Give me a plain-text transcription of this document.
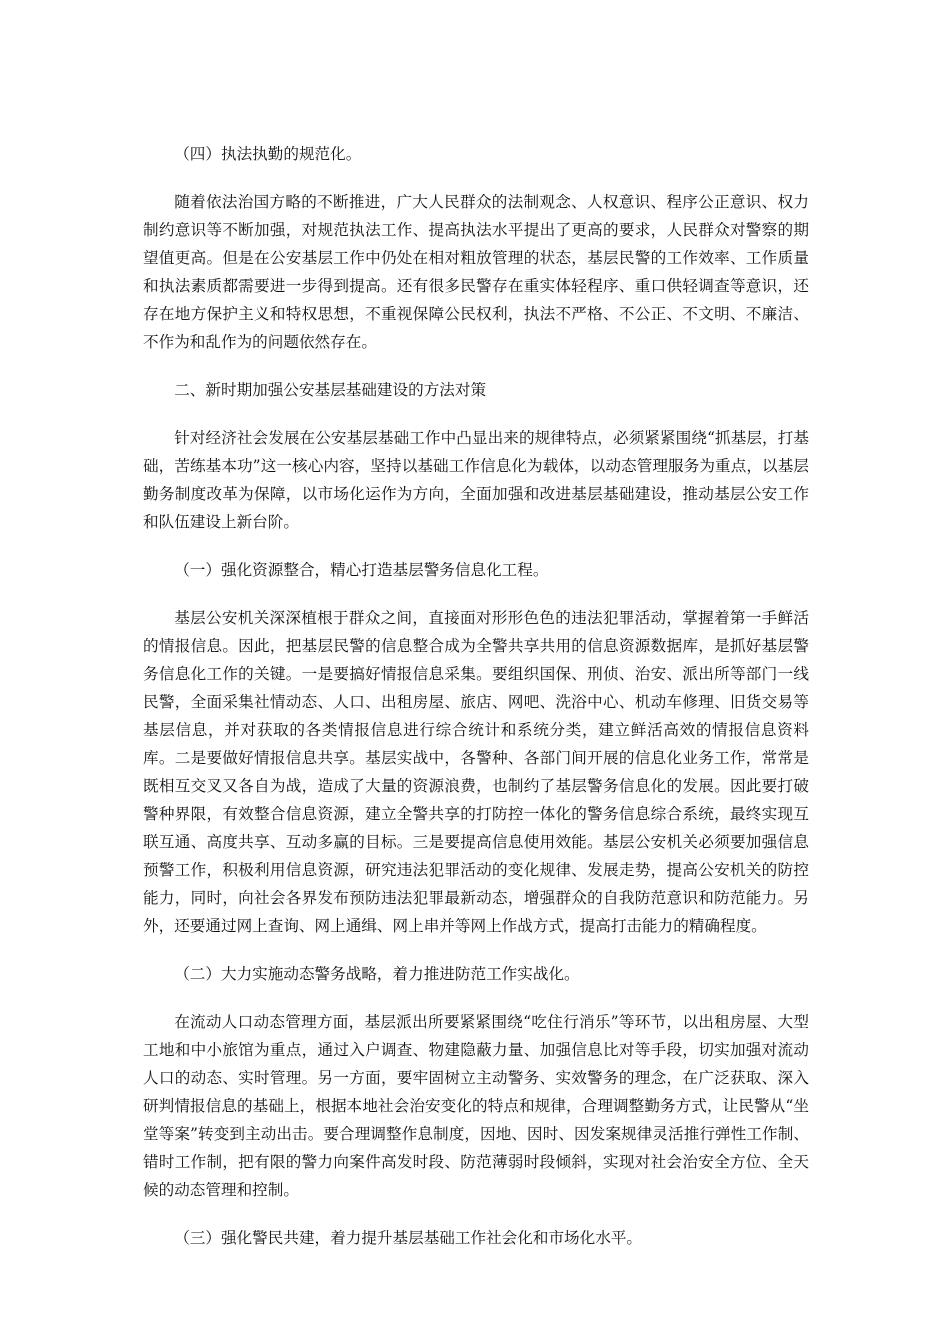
（四）执法执勤的规范化。

随着依法治国方略的不断推进，广大人民群众的法制观念、人权意识、程序公正意识、权力制约意识等不断加强，对规范执法工作、提高执法水平提出了更高的要求，人民群众对警察的期望值更高。但是在公安基层工作中仍处在相对粗放管理的状态，基层民警的工作效率、工作质量和执法素质都需要进一步得到提高。还有很多民警存在重实体轻程序、重口供轻调查等意识，还存在地方保护主义和特权思想，不重视保障公民权利，执法不严格、不公正、不文明、不廉洁、不作为和乱作为的问题依然存在。

二、新时期加强公安基层基础建设的方法对策

针对经济社会发展在公安基层基础工作中凸显出来的规律特点，必须紧紧围绕“抓基层，打基础，苦练基本功”这一核心内容，坚持以基础工作信息化为载体，以动态管理服务为重点，以基层勤务制度改革为保障，以市场化运作为方向，全面加强和改进基层基础建设，推动基层公安工作和队伍建设上新台阶。

（一）强化资源整合，精心打造基层警务信息化工程。

基层公安机关深深植根于群众之间，直接面对形形色色的违法犯罪活动，掌握着第一手鲜活的情报信息。因此，把基层民警的信息整合成为全警共享共用的信息资源数据库，是抓好基层警务信息化工作的关键。一是要搞好情报信息采集。要组织国保、刑侦、治安、派出所等部门一线民警，全面采集社情动态、人口、出租房屋、旅店、网吧、洗浴中心、机动车修理、旧货交易等基层信息，并对获取的各类情报信息进行综合统计和系统分类，建立鲜活高效的情报信息资料库。二是要做好情报信息共享。基层实战中，各警种、各部门间开展的信息化业务工作，常常是既相互交叉又各自为战，造成了大量的资源浪费，也制约了基层警务信息化的发展。因此要打破警种界限，有效整合信息资源，建立全警共享的打防控一体化的警务信息综合系统，最终实现互联互通、高度共享、互动多赢的目标。三是要提高信息使用效能。基层公安机关必须要加强信息预警工作，积极利用信息资源，研究违法犯罪活动的变化规律、发展走势，提高公安机关的防控能力，同时，向社会各界发布预防违法犯罪最新动态，增强群众的自我防范意识和防范能力。另外，还要通过网上查询、网上通缉、网上串并等网上作战方式，提高打击能力的精确程度。

（二）大力实施动态警务战略，着力推进防范工作实战化。

在流动人口动态管理方面，基层派出所要紧紧围绕“吃住行消乐”等环节，以出租房屋、大型工地和中小旅馆为重点，通过入户调查、物建隐蔽力量、加强信息比对等手段，切实加强对流动人口的动态、实时管理。另一方面，要牢固树立主动警务、实效警务的理念，在广泛获取、深入研判情报信息的基础上，根据本地社会治安变化的特点和规律，合理调整勤务方式，让民警从“坐堂等案”转变到主动出击。要合理调整作息制度，因地、因时、因发案规律灵活推行弹性工作制、错时工作制，把有限的警力向案件高发时段、防范薄弱时段倾斜，实现对社会治安全方位、全天候的动态管理和控制。

（三）强化警民共建，着力提升基层基础工作社会化和市场化水平。
